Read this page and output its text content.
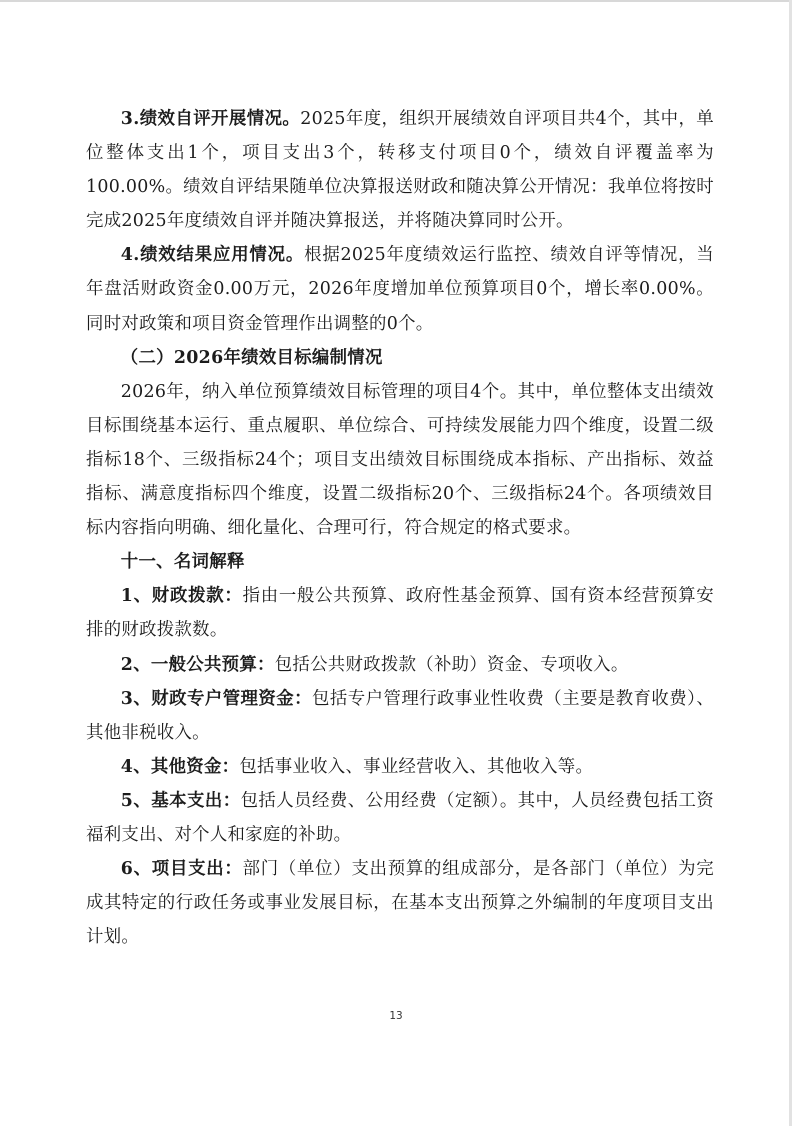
3.绩效自评开展情况。2025年度，组织开展绩效自评项目共4个，其中，单位整体支出1个，项目支出3个，转移支付项目0个，绩效自评覆盖率为100.00%。绩效自评结果随单位决算报送财政和随决算公开情况：我单位将按时完成2025年度绩效自评并随决算报送，并将随决算同时公开。

4.绩效结果应用情况。根据2025年度绩效运行监控、绩效自评等情况，当年盘活财政资金0.00万元，2026年度增加单位预算项目0个，增长率0.00%。同时对政策和项目资金管理作出调整的0个。

（二）2026年绩效目标编制情况

2026年，纳入单位预算绩效目标管理的项目4个。其中，单位整体支出绩效目标围绕基本运行、重点履职、单位综合、可持续发展能力四个维度，设置二级指标18个、三级指标24个；项目支出绩效目标围绕成本指标、产出指标、效益指标、满意度指标四个维度，设置二级指标20个、三级指标24个。各项绩效目标内容指向明确、细化量化、合理可行，符合规定的格式要求。

十一、名词解释

1、财政拨款：指由一般公共预算、政府性基金预算、国有资本经营预算安排的财政拨款数。

2、一般公共预算：包括公共财政拨款（补助）资金、专项收入。

3、财政专户管理资金：包括专户管理行政事业性收费（主要是教育收费）、其他非税收入。

4、其他资金：包括事业收入、事业经营收入、其他收入等。

5、基本支出：包括人员经费、公用经费（定额）。其中，人员经费包括工资福利支出、对个人和家庭的补助。

6、项目支出：部门（单位）支出预算的组成部分，是各部门（单位）为完成其特定的行政任务或事业发展目标，在基本支出预算之外编制的年度项目支出计划。

13
